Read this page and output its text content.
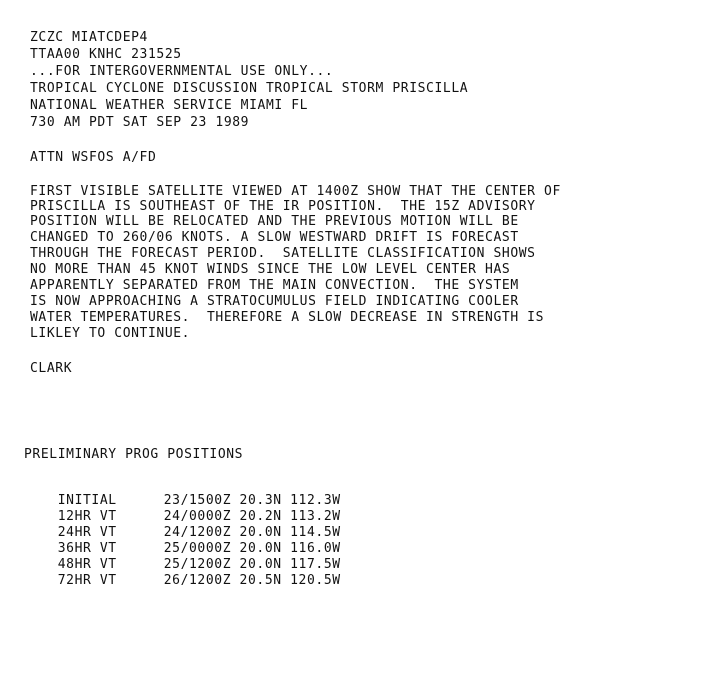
ZCZC MIATCDEP4
TTAA00 KNHC 231525
...FOR INTERGOVERNMENTAL USE ONLY...
TROPICAL CYCLONE DISCUSSION TROPICAL STORM PRISCILLA
NATIONAL WEATHER SERVICE MIAMI FL
730 AM PDT SAT SEP 23 1989
ATTN WSFOS A/FD
FIRST VISIBLE SATELLITE VIEWED AT 1400Z SHOW THAT THE CENTER OF
PRISCILLA IS SOUTHEAST OF THE IR POSITION.  THE 15Z ADVISORY
POSITION WILL BE RELOCATED AND THE PREVIOUS MOTION WILL BE
CHANGED TO 260/06 KNOTS. A SLOW WESTWARD DRIFT IS FORECAST
THROUGH THE FORECAST PERIOD.  SATELLITE CLASSIFICATION SHOWS
NO MORE THAN 45 KNOT WINDS SINCE THE LOW LEVEL CENTER HAS
APPARENTLY SEPARATED FROM THE MAIN CONVECTION.  THE SYSTEM
IS NOW APPROACHING A STRATOCUMULUS FIELD INDICATING COOLER
WATER TEMPERATURES.  THEREFORE A SLOW DECREASE IN STRENGTH IS
LIKLEY TO CONTINUE.
CLARK
PRELIMINARY PROG POSITIONS

INITIAL	23/1500Z 20.3N 112.3W

12HR VT	24/0000Z 20.2N 113.2W

24HR VT	24/1200Z 20.0N 114.5W

36HR VT	25/0000Z 20.0N 116.0W

48HR VT	25/1200Z 20.0N 117.5W

72HR VT	26/1200Z 20.5N 120.5W
